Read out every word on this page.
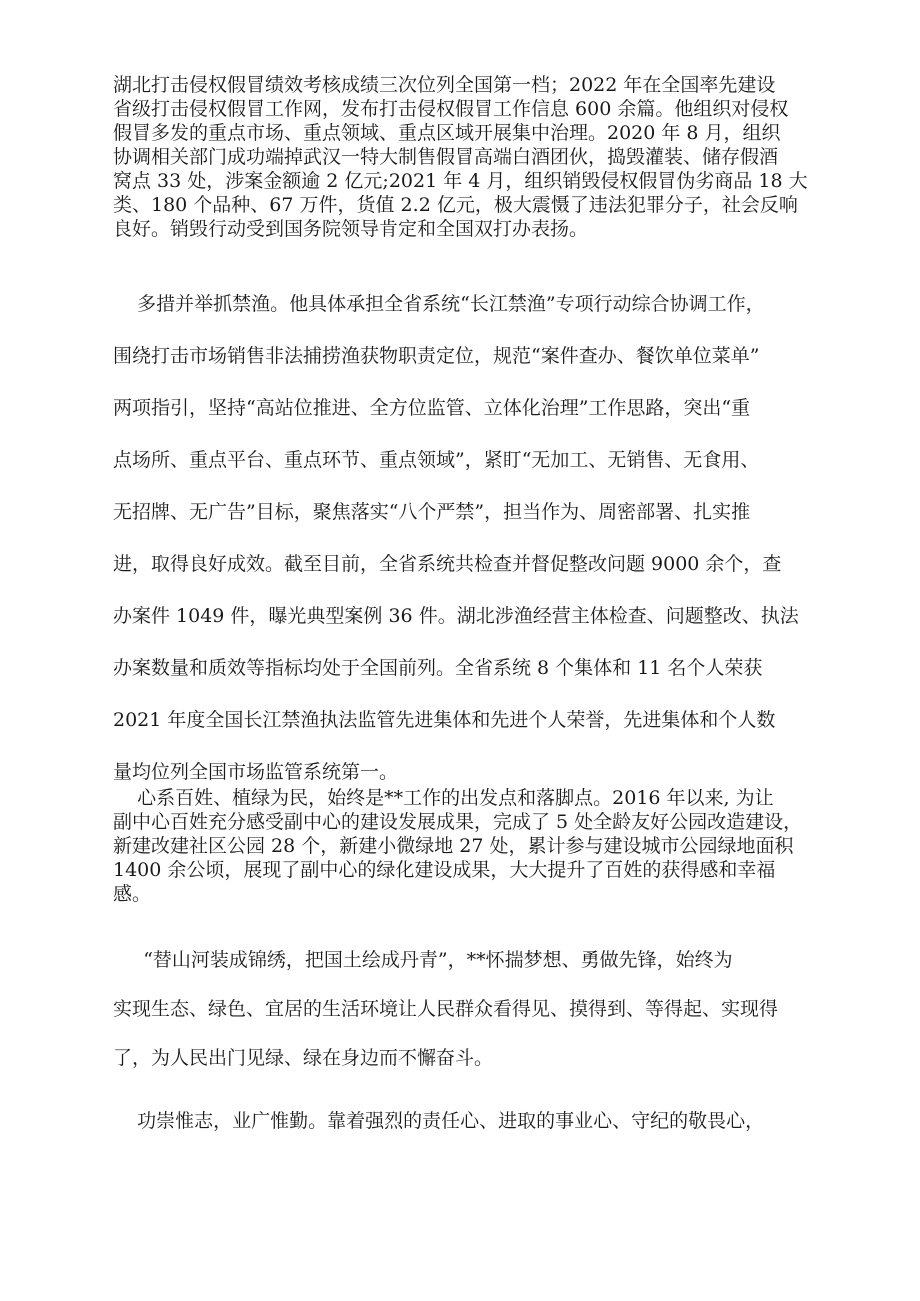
湖北打击侵权假冒绩效考核成绩三次位列全国第一档；2022 年在全国率先建设
省级打击侵权假冒工作网，发布打击侵权假冒工作信息 600 余篇。他组织对侵权
假冒多发的重点市场、重点领域、重点区域开展集中治理。2020 年 8 月，组织
协调相关部门成功端掉武汉一特大制售假冒高端白酒团伙，捣毁灌装、储存假酒
窝点 33 处，涉案金额逾 2 亿元;2021 年 4 月，组织销毁侵权假冒伪劣商品 18 大
类、180 个品种、67 万件，货值 2.2 亿元，极大震慑了违法犯罪分子，社会反响
良好。销毁行动受到国务院领导肯定和全国双打办表扬。
多措并举抓禁渔。他具体承担全省系统“长江禁渔”专项行动综合协调工作，
围绕打击市场销售非法捕捞渔获物职责定位，规范“案件查办、餐饮单位菜单”
两项指引，坚持“高站位推进、全方位监管、立体化治理”工作思路，突出“重
点场所、重点平台、重点环节、重点领域”，紧盯“无加工、无销售、无食用、
无招牌、无广告”目标，聚焦落实“八个严禁”，担当作为、周密部署、扎实推
进，取得良好成效。截至目前，全省系统共检查并督促整改问题 9000 余个，查
办案件 1049 件，曝光典型案例 36 件。湖北涉渔经营主体检查、问题整改、执法
办案数量和质效等指标均处于全国前列。全省系统 8 个集体和 11 名个人荣获
2021 年度全国长江禁渔执法监管先进集体和先进个人荣誉，先进集体和个人数
量均位列全国市场监管系统第一。
心系百姓、植绿为民，始终是**工作的出发点和落脚点。2016 年以来, 为让
副中心百姓充分感受副中心的建设发展成果，完成了 5 处全龄友好公园改造建设，
新建改建社区公园 28 个，新建小微绿地 27 处，累计参与建设城市公园绿地面积
1400 余公顷，展现了副中心的绿化建设成果，大大提升了百姓的获得感和幸福
感。
“替山河装成锦绣，把国土绘成丹青”，**怀揣梦想、勇做先锋，始终为
实现生态、绿色、宜居的生活环境让人民群众看得见、摸得到、等得起、实现得
了，为人民出门见绿、绿在身边而不懈奋斗。
功崇惟志，业广惟勤。靠着强烈的责任心、进取的事业心、守纪的敬畏心，
